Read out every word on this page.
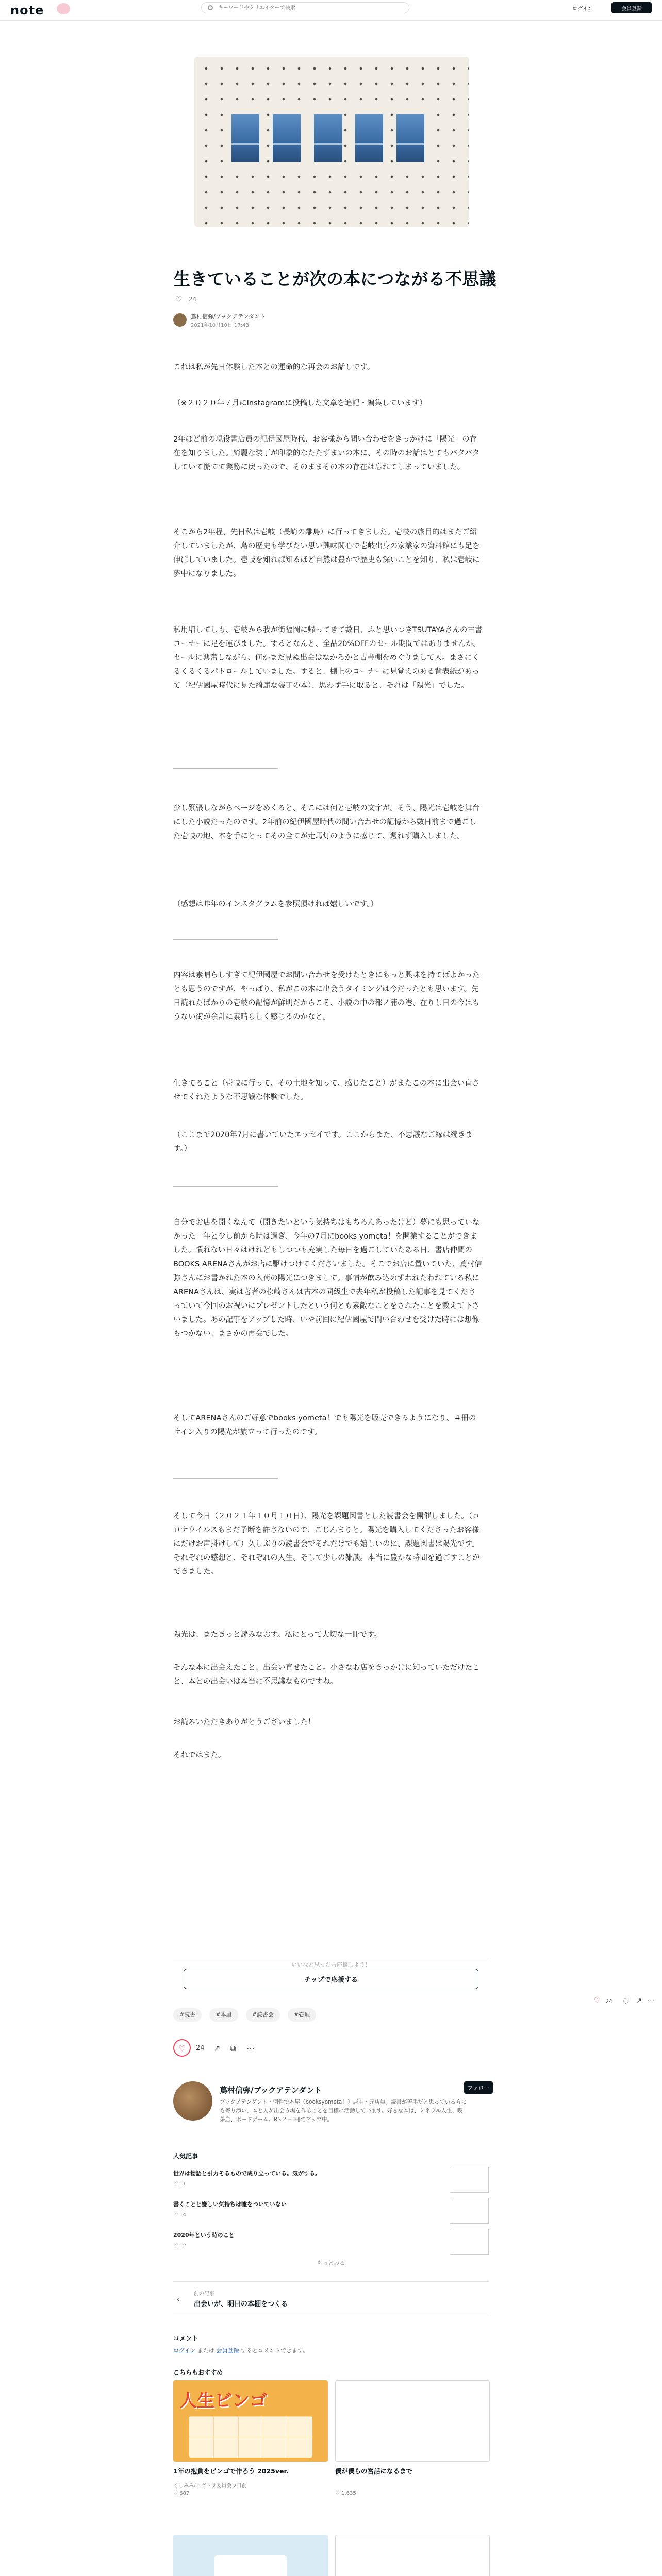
note
キーワードやクリエイターで検索	ログイン	会員登録
生きていることが次の本につながる不思議
♡ 24
蔦村信弥/ブックアテンダント
2021年10月10日 17:43

これは私が先日体験した本との運命的な再会のお話しです。

（※２０２０年７月にInstagramに投稿した文章を追記・編集しています）

2年ほど前の現役書店員の紀伊國屋時代、お客様から問い合わせをきっかけに「陽光」の存在を知りました。綺麗な装丁が印象的なたたずまいの本に、その時のお話はとてもパタパタしていて慌てて業務に戻ったので、そのままその本の存在は忘れてしまっていました。

そこから2年程、先日私は壱岐（長崎の離島）に行ってきました。壱岐の旅目的はまたご紹介していましたが、島の歴史も学びたい思い興味関心で壱岐出身の家業家の資料館にも足を伸ばしていました。壱岐を知れば知るほど自然は豊かで歴史も深いことを知り、私は壱岐に夢中になりました。

私用増してしも、壱岐から我が街福岡に帰ってきて數日、ふと思いつきTSUTAYAさんの古書コーナーに足を運びました。するとなんと、全品20%OFFのセール期間ではありませんか。セールに興奮しながら、何かまだ見ぬ出会はなかろかと古書棚をめぐりまして人。まさにくるくるくるパトロールしていました。すると、棚上のコーナーに見覚えのある背表紙があって（紀伊國屋時代に見た綺麗な装丁の本）、思わず手に取ると、それは「陽光」でした。

――――――――――――――

少し緊張しながらページをめくると、そこには何と壱岐の文字が。そう、陽光は壱岐を舞台にした小説だったのです。2年前の紀伊國屋時代の問い合わせの記憶から數日前まで過ごした壱岐の地、本を手にとってその全てが走馬灯のように感じて、週れず購入しました。

（感想は昨年のインスタグラムを参照頂ければ嬉しいです。）

――――――――――――――

内容は素晴らしすぎて紀伊國屋でお問い合わせを受けたときにもっと興味を持てばよかったとも思うのですが、やっぱり、私がこの本に出会うタイミングは今だったとも思います。先日読れたばかりの壱岐の記憶が鮮明だからこそ、小説の中の都ノ浦の港、在りし日の今はもうない街が余計に素晴らしく感じるのかなと。

生きてること（壱岐に行って、その土地を知って、感じたこと）がまたこの本に出会い直させてくれたような不思議な体験でした。

（ここまで2020年7月に書いていたエッセイです。ここからまた、不思議なご縁は続きます。）

――――――――――――――

自分でお店を開くなんて（開きたいという気持ちはもちろんあったけど）夢にも思っていなかった一年と少し前から時は過ぎ、今年の7月にbooks yometa！を開業することができました。慣れない日々はけれどもしつつも充実した毎日を過ごしていたある日、書店仲間のBOOKS ARENAさんがお店に駆けつけてくださいました。そこでお店に置いていた、蔦村信弥さんにお書かれた本の入荷の陽光につきまして。事情が飲み込めずわれたわれている私にARENAさんは、実は著者の松崎さんは古本の同級生で去年私が投稿した記事を見てくださっていて今回のお祝いにプレゼントしたという何とも素敵なことをされたことを教えて下さいました。あの記事をアップした時、いや前回に紀伊國屋で問い合わせを受けた時には想像もつかない、まさかの再会でした。

そしてARENAさんのご好意でbooks yometa！でも陽光を販売できるようになり、４冊のサイン入りの陽光が旅立って行ったのです。

――――――――――――――

そして今日（２０２１年１０月１０日）、陽光を課題図書とした読書会を開催しました。（コロナウイルスもまだ予断を許さないので、ごじんまりと。陽光を購入してくださったお客様にだけお声掛けして）久しぶりの読書会でそれだけでも嬉しいのに、課題図書は陽光です。それぞれの感想と、それぞれの人生、そして少しの雑談。本当に豊かな時間を過ごすことができました。

陽光は、またきっと読みなおす。私にとって大切な一冊です。

そんな本に出会えたこと、出会い直せたこと。小さなお店をきっかけに知っていただけたこと、本との出会いは本当に不思議なものですね。

お読みいただきありがとうございました！

それではまた。

いいなと思ったら応援しよう！
チップで応援する
#読書	#本屋	#読書会	#壱岐
♡	24 ↗ ⧉ ⋯
♡ 24 ◌ ↗ ⋯
蔦村信弥/ブックアテンダント
ブックアテンダント・個性で本屋（booksyometa！）店主・元店員。読書が苦手だと思っている方にも寄り添い、本と人が出会う場を作ることを目標に活動しています。好きな本は、ミネラル人生、喫茶店、ボードゲーム。RS 2～3冊でアップ中。
フォロー
人気記事
世界は物語と引力そるもので成り立っている。気がする。
♡ 11
書くことと嫌しい気持ちは嘘をついていない
♡ 14
2020年という時のこと
♡ 12
もっとみる
‹
前の記事
出会いが、明日の本棚をつくる
コメント
ログイン または 会員登録 するとコメントできます。
こちらもおすすめ
人生ビンゴ
1年の抱負をビンゴで作ろう 2025ver.
くしみみ/バグトラ委員会 2日前
♡ 687
僕が僕らの宮話になるまで
♡ 1,635
